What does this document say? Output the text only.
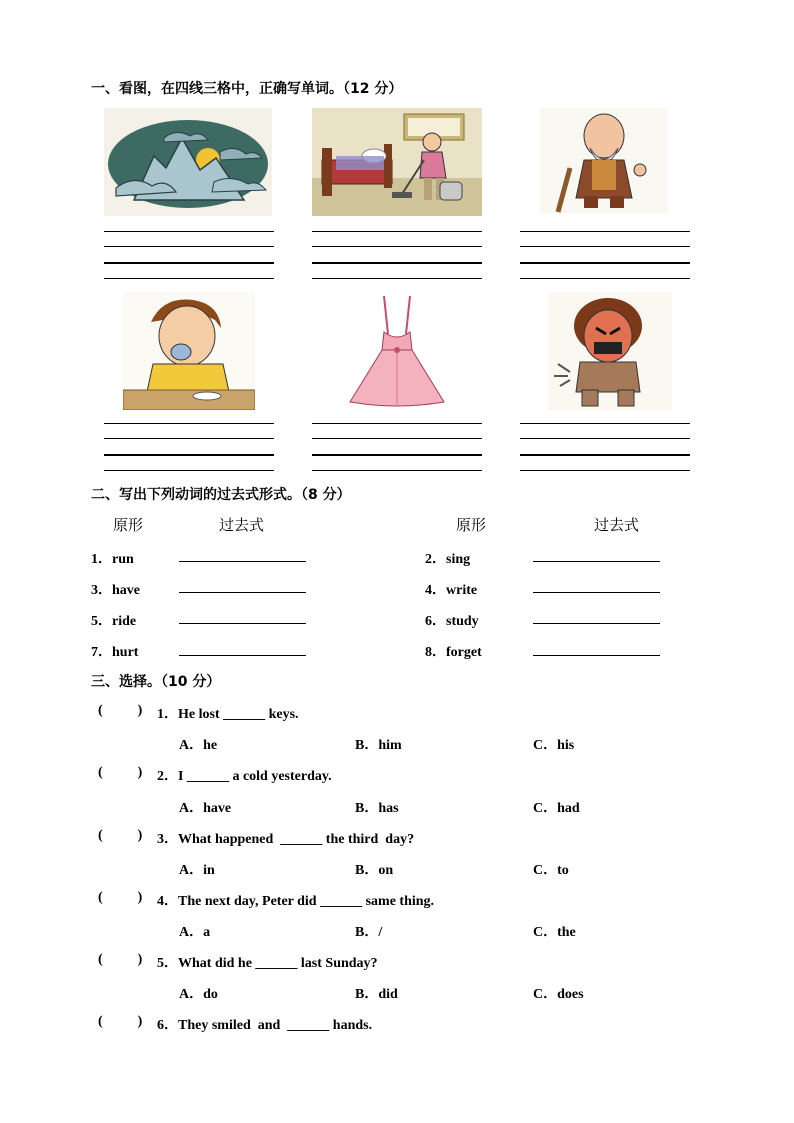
一、看图，在四线三格中，正确写单词。（12 分）
二、写出下列动词的过去式形式。（8 分）
原形	过去式	原形	过去式
1．run	2．sing
3．have	4．write
5．ride	6．study
7．hurt	8．forget
三、选择。（10 分）
(          ) 1．He lost ______ keys.
A．he	B．him	C．his
(          ) 2．I ______ a cold yesterday.
A．have	B．has	C．had
(          ) 3．What happened  ______ the third  day?
A．in	B．on	C．to
(          ) 4．The next day, Peter did ______ same thing.
A．a	B．/	C．the
(          ) 5．What did he ______ last Sunday?
A．do	B．did	C．does
(          ) 6．They smiled  and  ______ hands.
